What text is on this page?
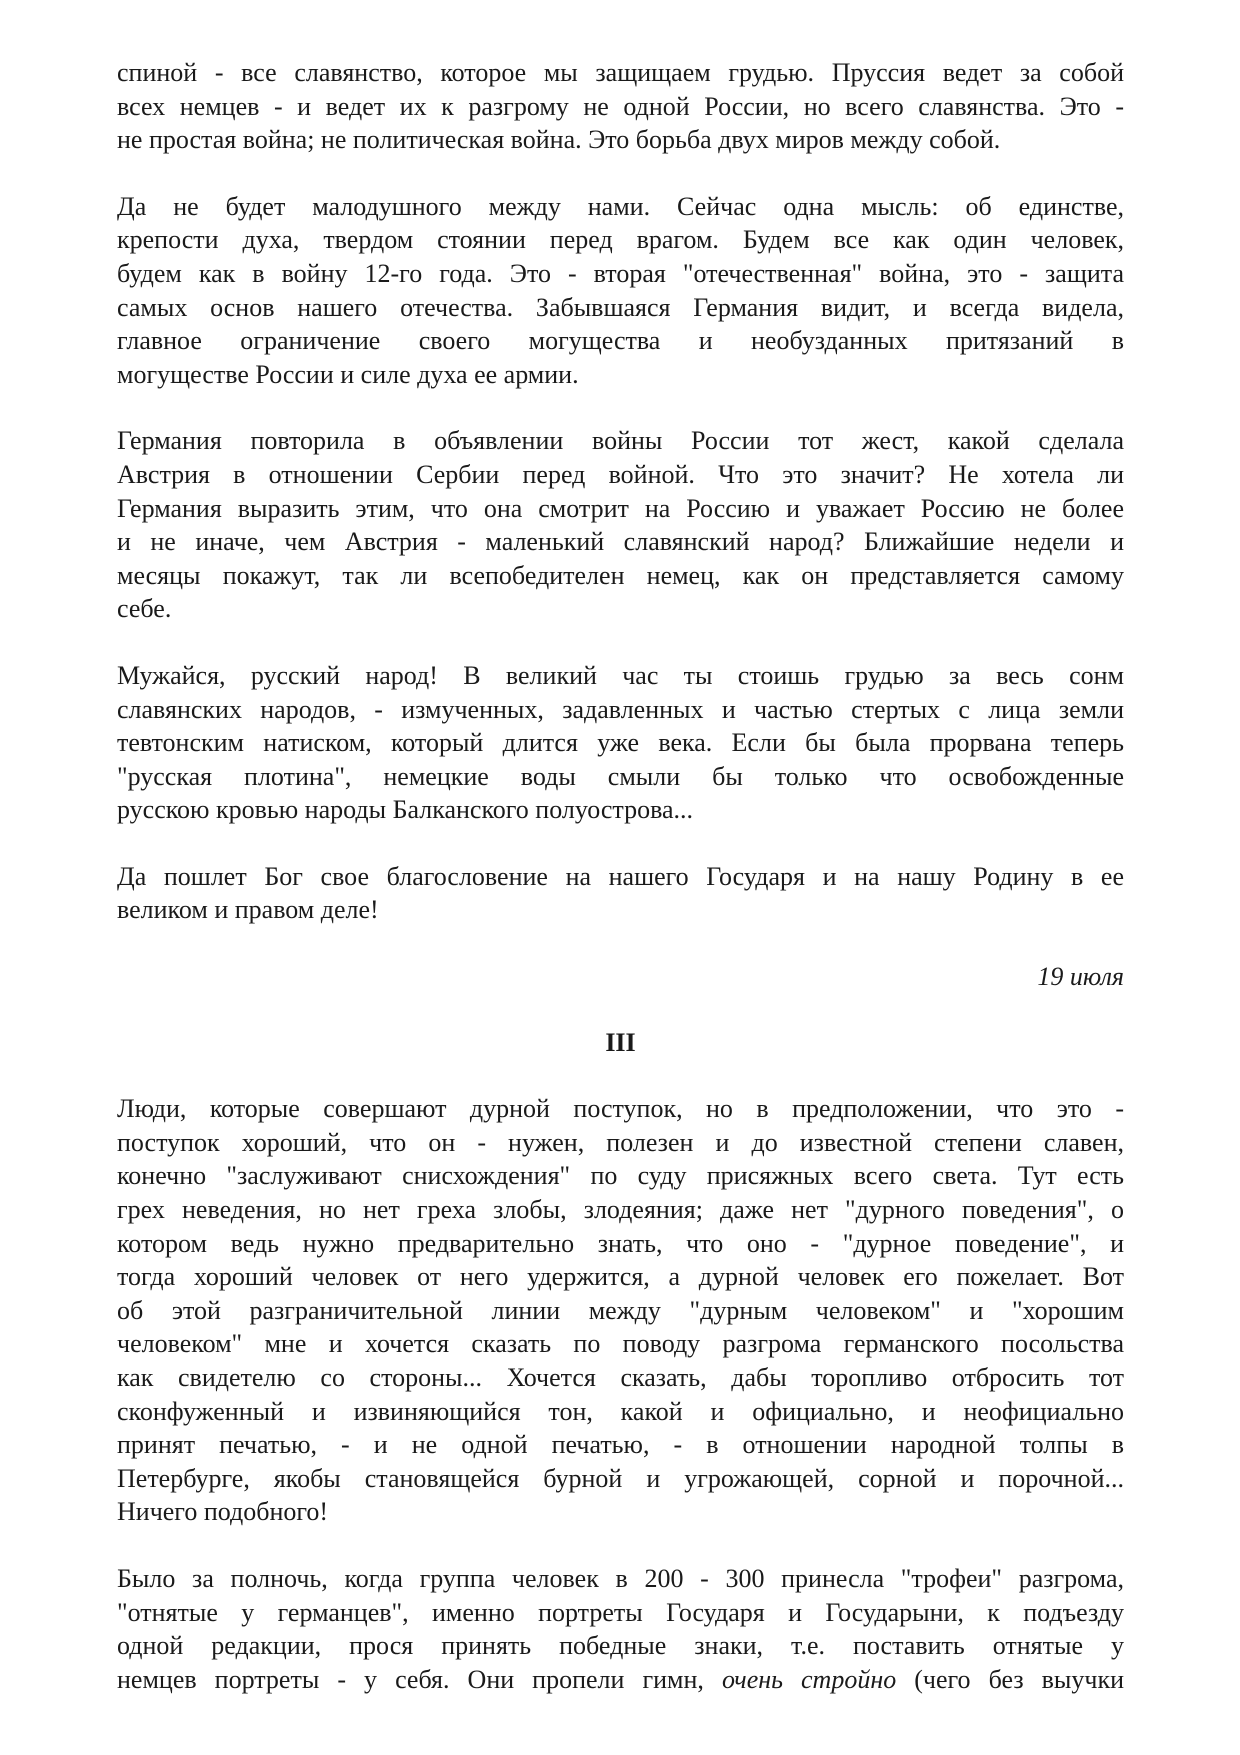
спиной - все славянство, которое мы защищаем грудью. Пруссия ведет за собой
всех немцев - и ведет их к разгрому не одной России, но всего славянства. Это -
не простая война; не политическая война. Это борьба двух миров между собой.
Да не будет малодушного между нами. Сейчас одна мысль: об единстве,
крепости духа, твердом стоянии перед врагом. Будем все как один человек,
будем как в войну 12-го года. Это - вторая "отечественная" война, это - защита
самых основ нашего отечества. Забывшаяся Германия видит, и всегда видела,
главное ограничение своего могущества и необузданных притязаний в
могуществе России и силе духа ее армии.
Германия повторила в объявлении войны России тот жест, какой сделала
Австрия в отношении Сербии перед войной. Что это значит? Не хотела ли
Германия выразить этим, что она смотрит на Россию и уважает Россию не более
и не иначе, чем Австрия - маленький славянский народ? Ближайшие недели и
месяцы покажут, так ли всепобедителен немец, как он представляется самому
себе.
Мужайся, русский народ! В великий час ты стоишь грудью за весь сонм
славянских народов, - измученных, задавленных и частью стертых с лица земли
тевтонским натиском, который длится уже века. Если бы была прорвана теперь
"русская плотина", немецкие воды смыли бы только что освобожденные
русскою кровью народы Балканского полуострова...
Да пошлет Бог свое благословение на нашего Государя и на нашу Родину в ее
великом и правом деле!
19 июля
III
Люди, которые совершают дурной поступок, но в предположении, что это -
поступок хороший, что он - нужен, полезен и до известной степени славен,
конечно "заслуживают снисхождения" по суду присяжных всего света. Тут есть
грех неведения, но нет греха злобы, злодеяния; даже нет "дурного поведения", о
котором ведь нужно предварительно знать, что оно - "дурное поведение", и
тогда хороший человек от него удержится, а дурной человек его пожелает. Вот
об этой разграничительной линии между "дурным человеком" и "хорошим
человеком" мне и хочется сказать по поводу разгрома германского посольства
как свидетелю со стороны... Хочется сказать, дабы торопливо отбросить тот
сконфуженный и извиняющийся тон, какой и официально, и неофициально
принят печатью, - и не одной печатью, - в отношении народной толпы в
Петербурге, якобы становящейся бурной и угрожающей, сорной и порочной...
Ничего подобного!
Было за полночь, когда группа человек в 200 - 300 принесла "трофеи" разгрома,
"отнятые у германцев", именно портреты Государя и Государыни, к подъезду
одной редакции, прося принять победные знаки, т.е. поставить отнятые у
немцев портреты - у себя. Они пропели гимн, очень стройно (чего без выучки
